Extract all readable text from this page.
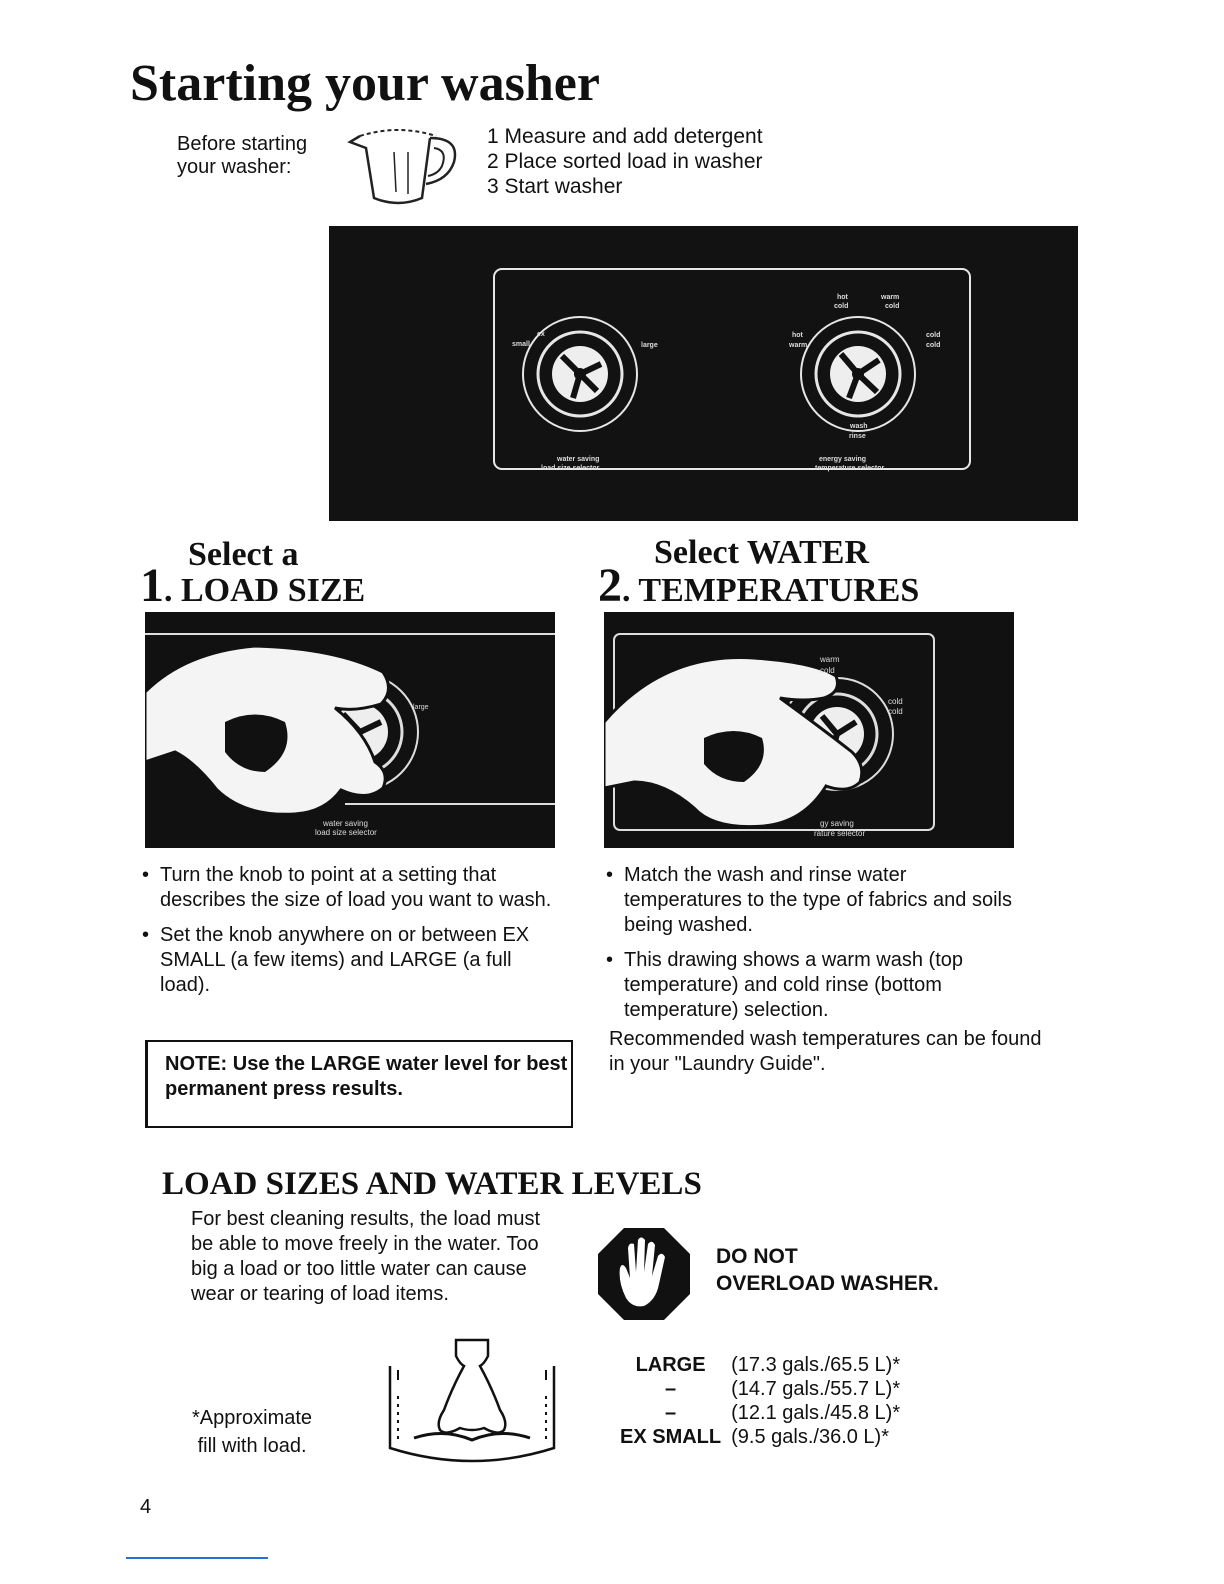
Starting your washer
Before starting
your washer:
1 Measure and add detergent
2 Place sorted load in washer
3 Start washer
ex
small	large
hot
cold
warm
cold
hot
warm
cold
cold
wash
rinse
water saving
load size selector
energy saving
temperature selector
Select a
1. LOAD SIZE
Select WATER
2. TEMPERATURES
large
water saving
load size selector
warm
cold
cold
cold
gy saving
rature selector
• Turn the knob to point at a setting that describes the size of load you want to wash.
• Set the knob anywhere on or between EX SMALL (a few items) and LARGE (a full load).
NOTE: Use the LARGE water level for best permanent press results.
• Match the wash and rinse water temperatures to the type of fabrics and soils being washed.
• This drawing shows a warm wash (top temperature) and cold rinse (bottom temperature) selection.
Recommended wash temperatures can be found in your "Laundry Guide".
LOAD SIZES AND WATER LEVELS
For best cleaning results, the load must be able to move freely in the water. Too big a load or too little water can cause wear or tearing of load items.
DO NOT
OVERLOAD WASHER.
*Approximate
fill with load.
LARGE	(17.3 gals./65.5 L)*
–	(14.7 gals./55.7 L)*
–	(12.1 gals./45.8 L)*
EX SMALL	(9.5 gals./36.0 L)*
4
